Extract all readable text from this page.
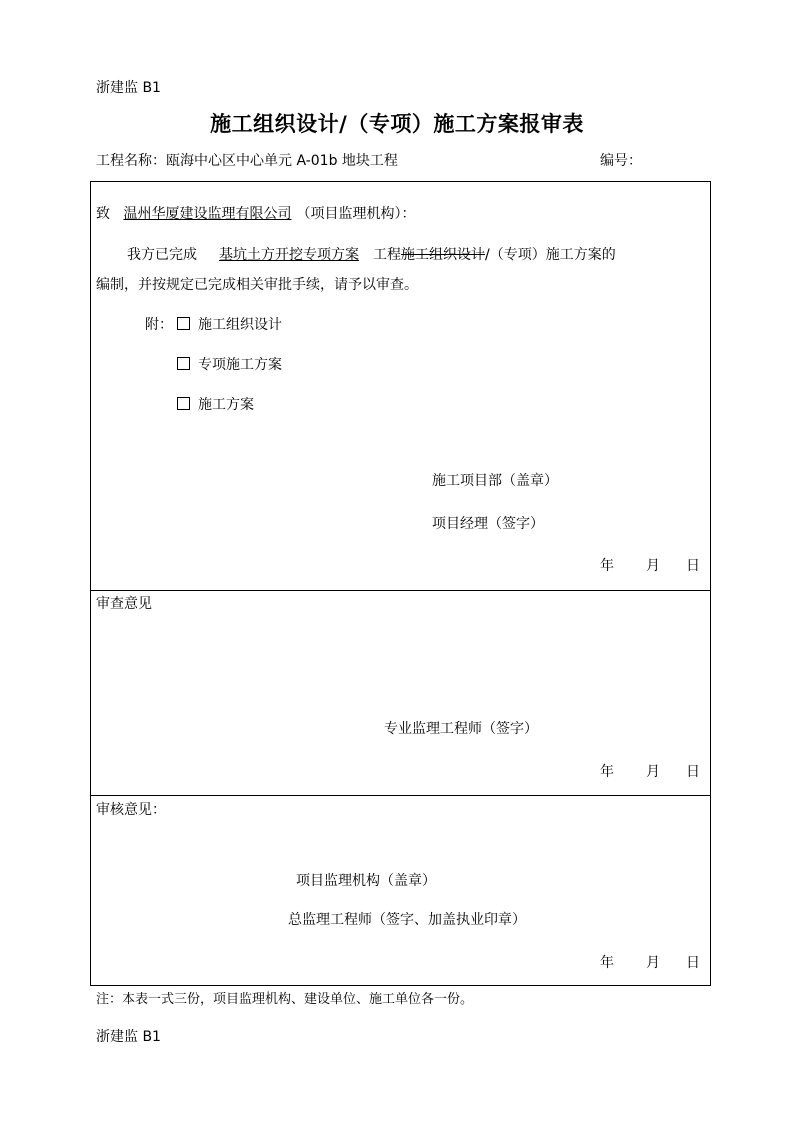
浙建监 B1
施工组织设计/（专项）施工方案报审表
工程名称：瓯海中心区中心单元 A-01b 地块工程	编号：
致 温州华厦建设监理有限公司 （项目监理机构）：
我方已完成 基坑土方开挖专项方案 工程施工组织设计/（专项）施工方案的
编制，并按规定已完成相关审批手续，请予以审查。
附：	施工组织设计
专项施工方案
施工方案
施工项目部（盖章）
项目经理（签字）
年 月 日
审查意见
专业监理工程师（签字）
年 月 日
审核意见：
项目监理机构（盖章）
总监理工程师（签字、加盖执业印章）
年 月 日
注：本表一式三份，项目监理机构、建设单位、施工单位各一份。
浙建监 B1
